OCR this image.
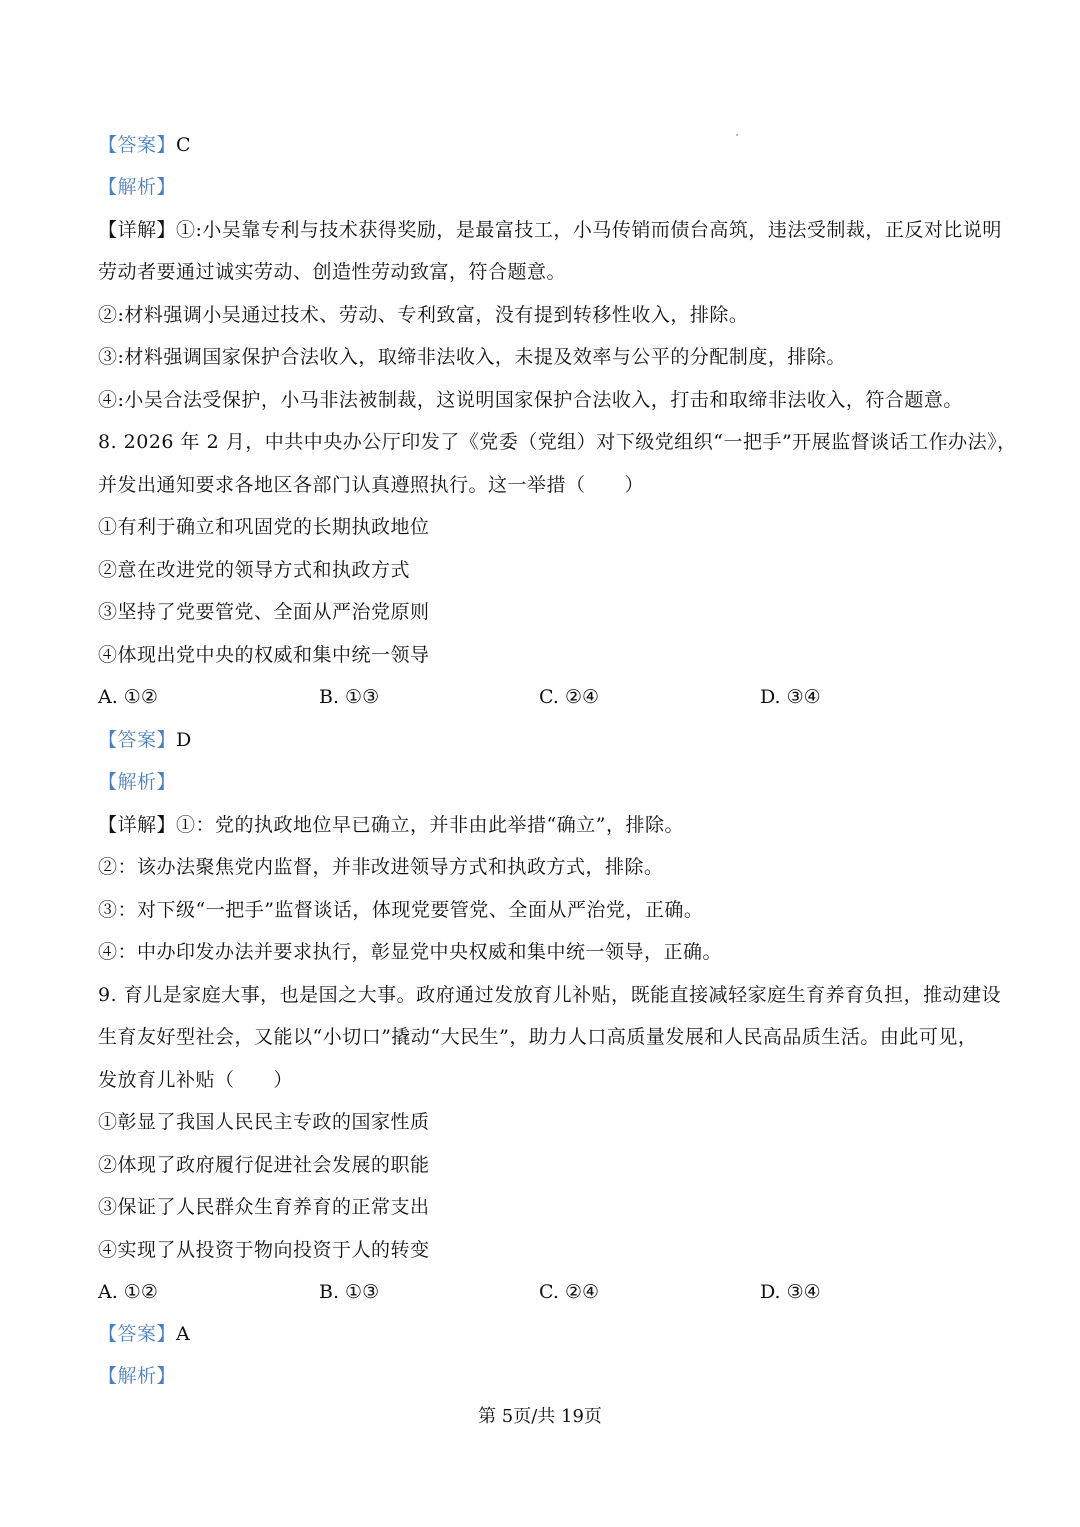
【答案】C
【解析】
【详解】①:小吴靠专利与技术获得奖励，是最富技工，小马传销而债台高筑，违法受制裁，正反对比说明
劳动者要通过诚实劳动、创造性劳动致富，符合题意。
②:材料强调小吴通过技术、劳动、专利致富，没有提到转移性收入，排除。
③:材料强调国家保护合法收入，取缔非法收入，未提及效率与公平的分配制度，排除。
④:小吴合法受保护，小马非法被制裁，这说明国家保护合法收入，打击和取缔非法收入，符合题意。
8. 2026 年 2 月，中共中央办公厅印发了《党委（党组）对下级党组织“一把手”开展监督谈话工作办法》，
并发出通知要求各地区各部门认真遵照执行。这一举措（　　）
①有利于确立和巩固党的长期执政地位
②意在改进党的领导方式和执政方式
③坚持了党要管党、全面从严治党原则
④体现出党中央的权威和集中统一领导
A. ①②	B. ①③	C. ②④	D. ③④
【答案】D
【解析】
【详解】①：党的执政地位早已确立，并非由此举措“确立”，排除。
②：该办法聚焦党内监督，并非改进领导方式和执政方式，排除。
③：对下级“一把手”监督谈话，体现党要管党、全面从严治党，正确。
④：中办印发办法并要求执行，彰显党中央权威和集中统一领导，正确。
9. 育儿是家庭大事，也是国之大事。政府通过发放育儿补贴，既能直接减轻家庭生育养育负担，推动建设
生育友好型社会，又能以“小切口”撬动“大民生”，助力人口高质量发展和人民高品质生活。由此可见，
发放育儿补贴（　　）
①彰显了我国人民民主专政的国家性质
②体现了政府履行促进社会发展的职能
③保证了人民群众生育养育的正常支出
④实现了从投资于物向投资于人的转变
A. ①②	B. ①③	C. ②④	D. ③④
【答案】A
【解析】
第 5页/共 19页
